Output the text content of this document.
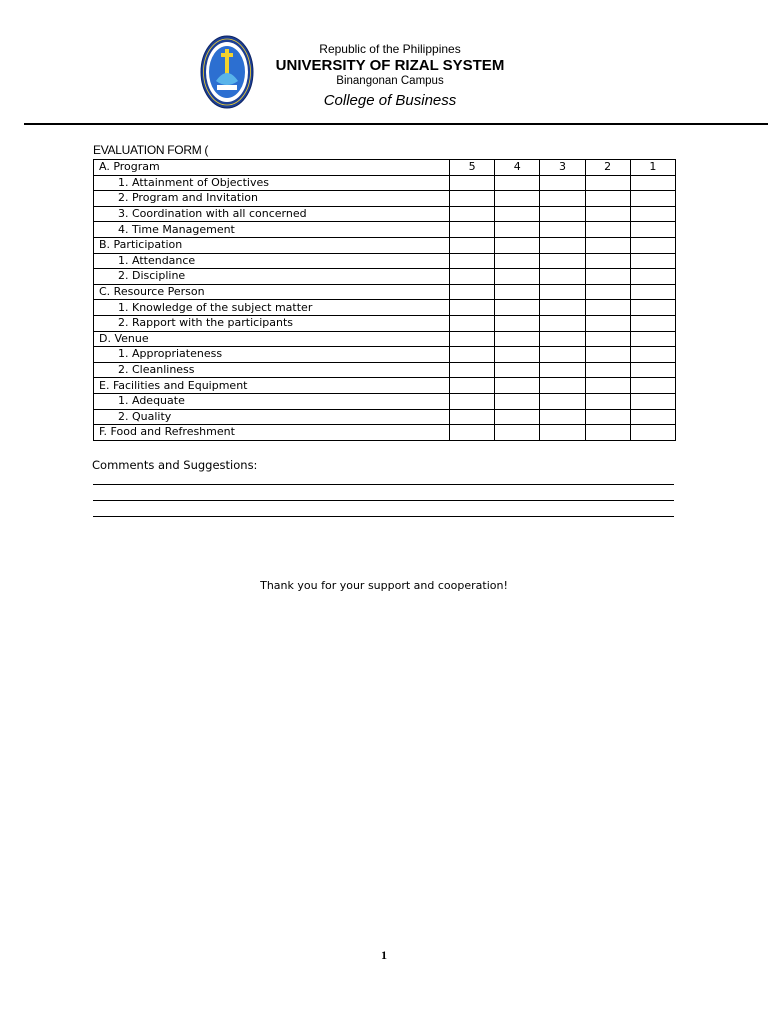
Republic of the Philippines
UNIVERSITY OF RIZAL SYSTEM
Binangonan Campus
College of Business
EVALUATION FORM (
A. Program	5	4	3	2	1
1. Attainment of Objectives					
2. Program and Invitation					
3. Coordination with all concerned					
4. Time Management					
B. Participation					
1. Attendance					
2. Discipline					
C. Resource Person					
1. Knowledge of the subject matter					
2. Rapport with the participants					
D. Venue					
1. Appropriateness					
2. Cleanliness					
E. Facilities and Equipment					
1. Adequate					
2. Quality					
F. Food and Refreshment					
Comments and Suggestions:
Thank you for your support and cooperation!
1
